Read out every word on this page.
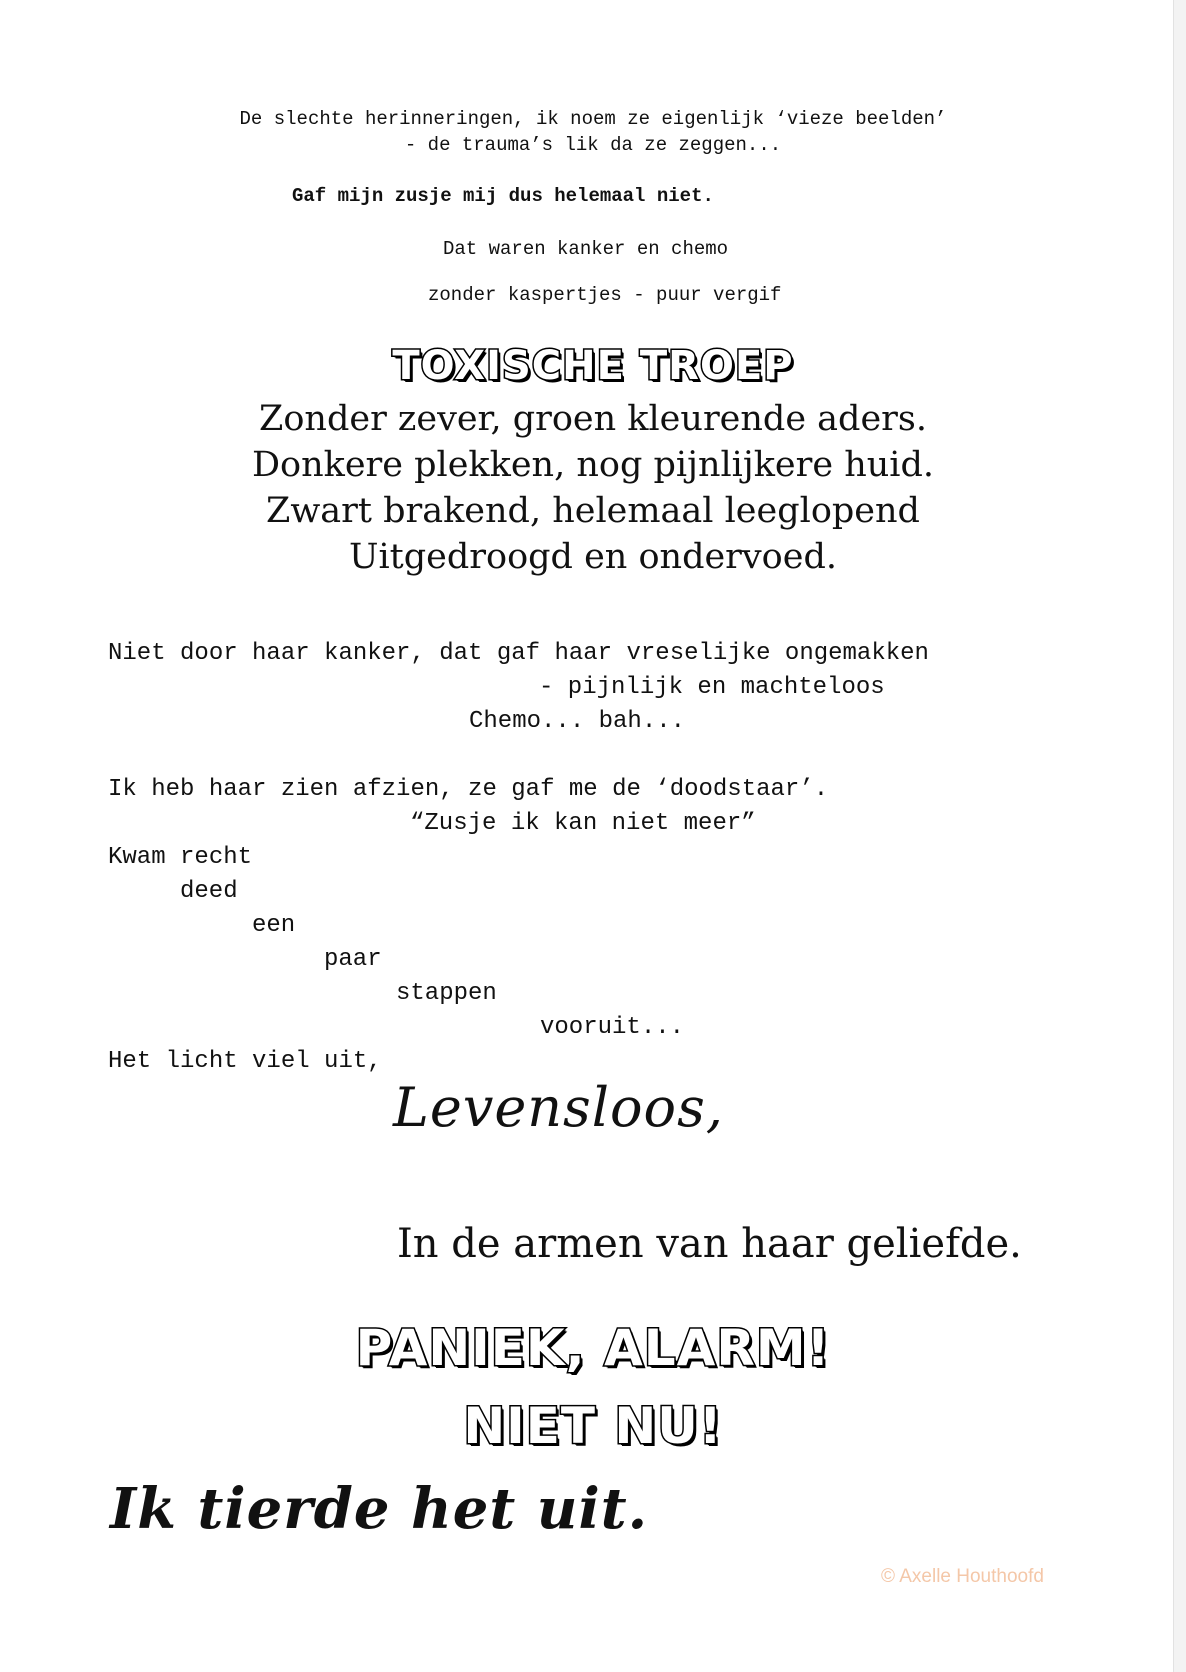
De slechte herinneringen, ik noem ze eigenlijk ‘vieze beelden’
- de trauma’s lik da ze zeggen...
Gaf mijn zusje mij dus helemaal niet.
Dat waren kanker en chemo
zonder kaspertjes - puur vergif
TOXISCHE TROEP
Zonder zever, groen kleurende aders.
Donkere plekken, nog pijnlijkere huid.
Zwart brakend, helemaal leeglopend
Uitgedroogd en ondervoed.
Niet door haar kanker, dat gaf haar vreselijke ongemakken
- pijnlijk en machteloos
Chemo... bah...
Ik heb haar zien afzien, ze gaf me de ‘doodstaar’.
“Zusje ik kan niet meer”
Kwam recht
deed
een
paar
stappen
vooruit...
Het licht viel uit,
Levensloos,
In de armen van haar geliefde.
PANIEK, ALARM!
NIET NU!
Ik tierde het uit.
© Axelle Houthoofd
